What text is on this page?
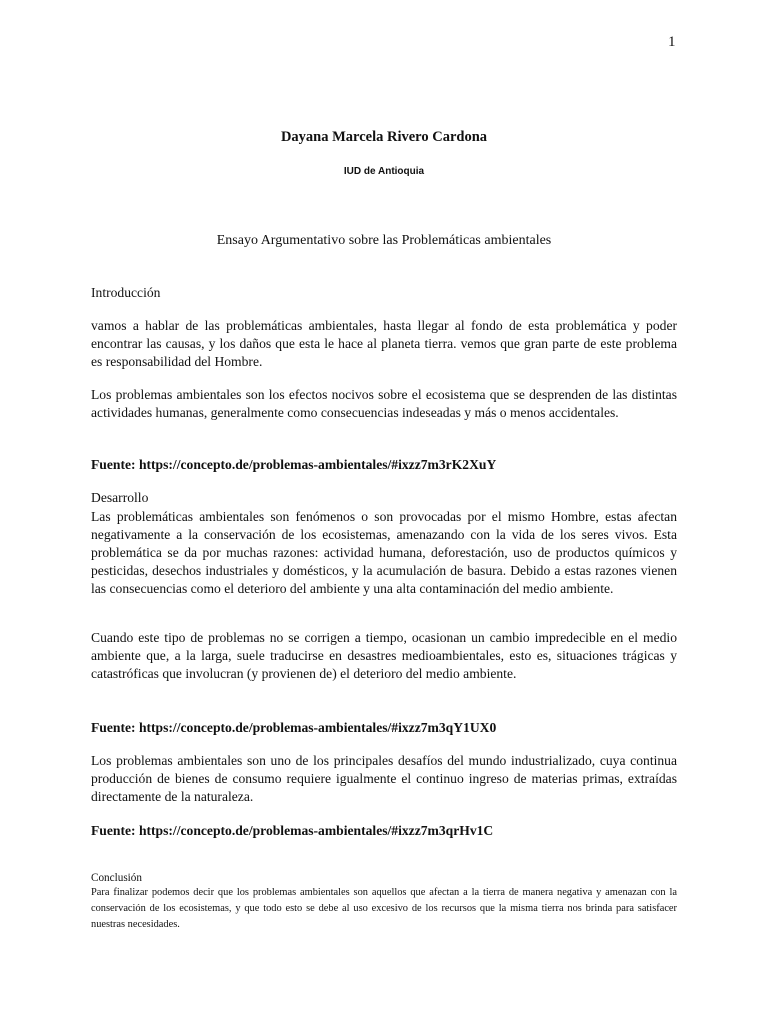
1
Dayana Marcela Rivero Cardona
IUD de Antioquia
Ensayo Argumentativo sobre las Problemáticas ambientales
Introducción

vamos a hablar de las problemáticas ambientales, hasta llegar al fondo de esta problemática y poder encontrar las causas, y los daños que esta le hace al planeta tierra. vemos que gran parte de este problema es responsabilidad del Hombre.

Los problemas ambientales son los efectos nocivos sobre el ecosistema que se desprenden de las distintas actividades humanas, generalmente como consecuencias indeseadas y más o menos accidentales.

Fuente: https://concepto.de/problemas-ambientales/#ixzz7m3rK2XuY
Desarrollo

Las problemáticas ambientales son fenómenos o son provocadas por el mismo Hombre, estas afectan negativamente a la conservación de los ecosistemas, amenazando con la vida de los seres vivos. Esta problemática se da por muchas razones: actividad humana, deforestación, uso de productos químicos y pesticidas, desechos industriales y domésticos, y la acumulación de basura. Debido a estas razones vienen las consecuencias como el deterioro del ambiente y una alta contaminación del medio ambiente.

Cuando este tipo de problemas no se corrigen a tiempo, ocasionan un cambio impredecible en el medio ambiente que, a la larga, suele traducirse en desastres medioambientales, esto es, situaciones trágicas y catastróficas que involucran (y provienen de) el deterioro del medio ambiente.

Fuente: https://concepto.de/problemas-ambientales/#ixzz7m3qY1UX0

Los problemas ambientales son uno de los principales desafíos del mundo industrializado, cuya continua producción de bienes de consumo requiere igualmente el continuo ingreso de materias primas, extraídas directamente de la naturaleza.

Fuente: https://concepto.de/problemas-ambientales/#ixzz7m3qrHv1C
Conclusión

Para finalizar podemos decir que los problemas ambientales son aquellos que afectan a la tierra de manera negativa y amenazan con la conservación de los ecosistemas, y que todo esto se debe al uso excesivo de los recursos que la misma tierra nos brinda para satisfacer nuestras necesidades.
